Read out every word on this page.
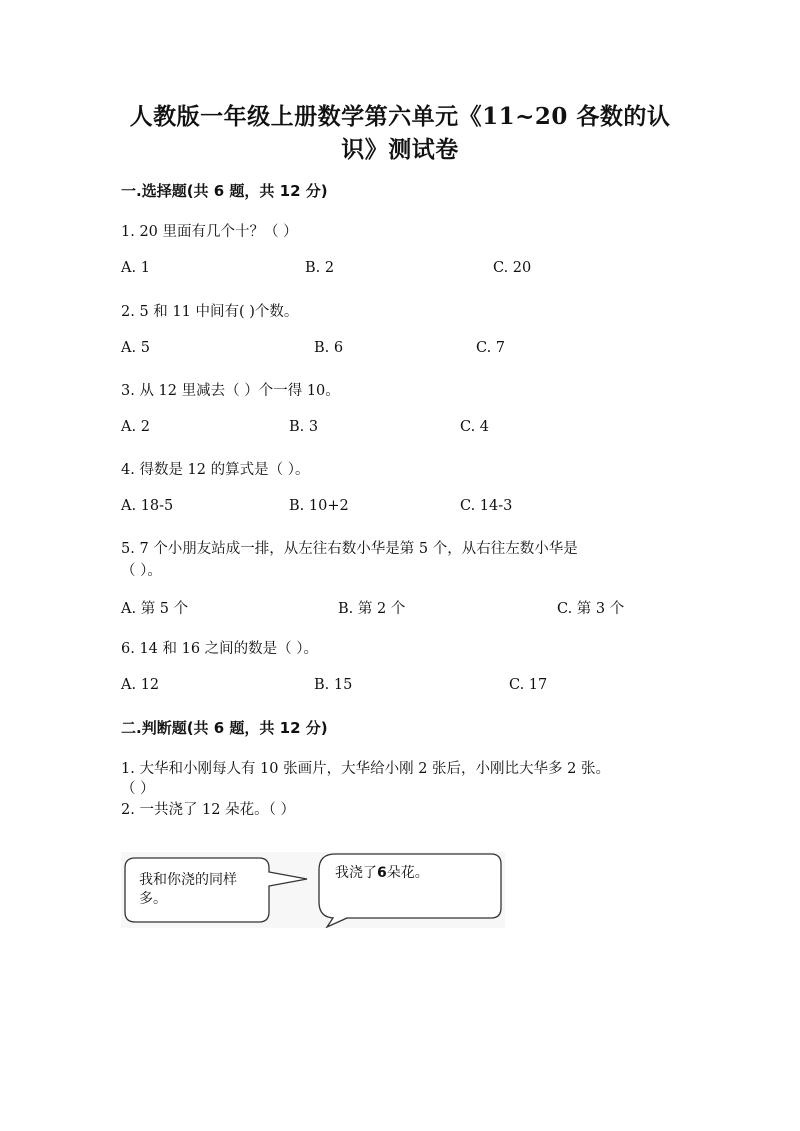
人教版一年级上册数学第六单元《11~20 各数的认
识》测试卷
一.选择题(共 6 题，共 12 分)
1. 20 里面有几个十？（ ）
A. 1	B. 2	C. 20
2. 5 和 11 中间有( )个数。
A. 5	B. 6	C. 7
3. 从 12 里减去（ ）个一得 10。
A. 2	B. 3	C. 4
4. 得数是 12 的算式是（ ）。
A. 18-5	B. 10+2	C. 14-3
5. 7 个小朋友站成一排，从左往右数小华是第 5 个，从右往左数小华是
（ ）。
A. 第 5 个	B. 第 2 个	C. 第 3 个
6. 14 和 16 之间的数是（ ）。
A. 12	B. 15	C. 17
二.判断题(共 6 题，共 12 分)
1. 大华和小刚每人有 10 张画片，大华给小刚 2 张后，小刚比大华多 2 张。
（ ）
2. 一共浇了 12 朵花。（ ）
我和你浇的同样
多。
我浇了6朵花。
